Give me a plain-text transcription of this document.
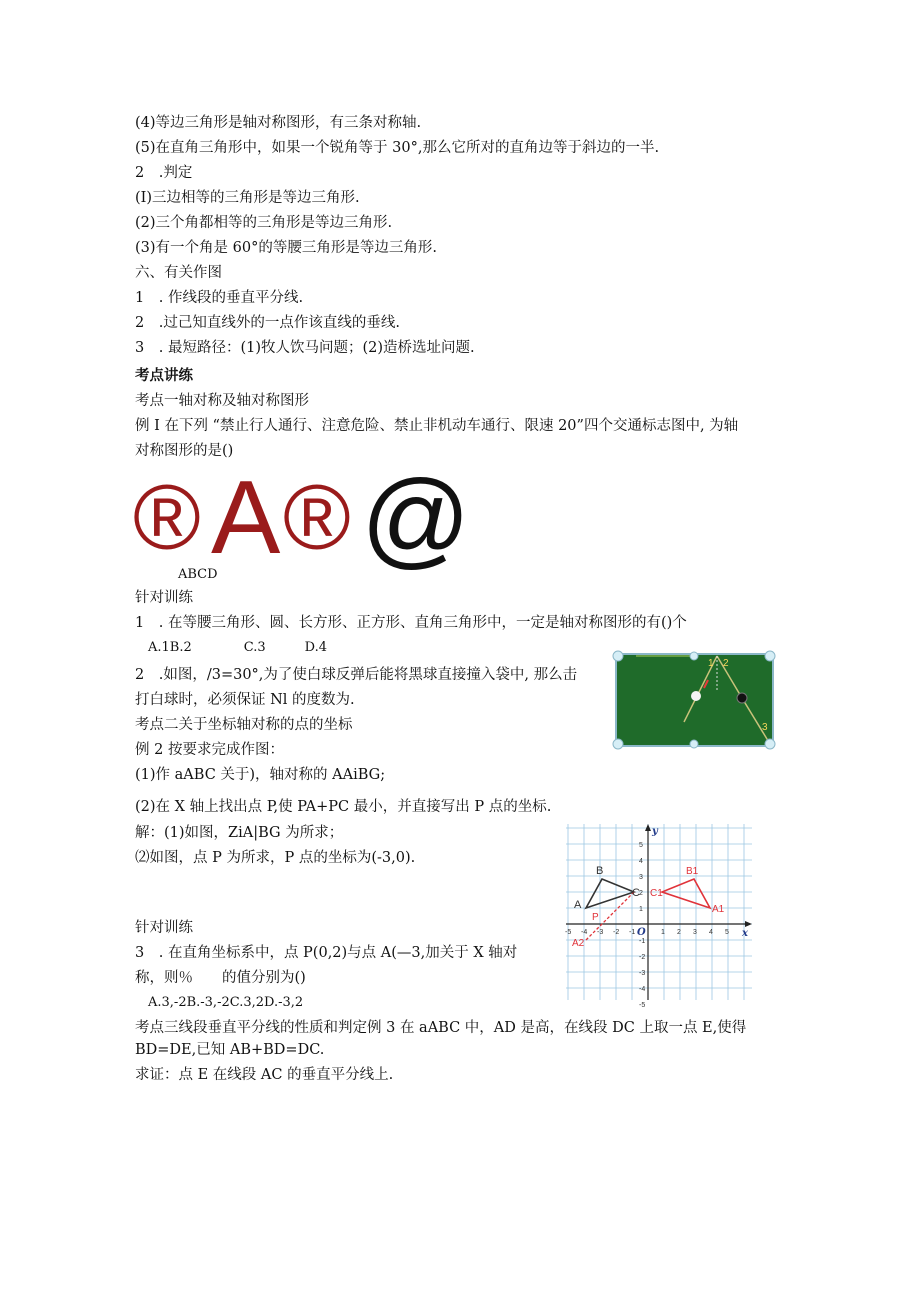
(4)等边三角形是轴对称图形，有三条对称轴.
(5)在直角三角形中，如果一个锐角等于 30°,那么它所对的直角边等于斜边的一半.
2　.判定
(I)三边相等的三角形是等边三角形.
(2)三个角都相等的三角形是等边三角形.
(3)有一个角是 60°的等腰三角形是等边三角形.
六、有关作图
1　. 作线段的垂直平分线.
2　.过己知直线外的一点作该直线的垂线.
3　. 最短路径：(1)牧人饮马问题；(2)造桥选址问题.
考点讲练
考点一轴对称及轴对称图形
例 I 在下列 “禁止行人通行、注意危险、禁止非机动车通行、限速 20”四个交通标志图中, 为轴
对称图形的是()
® A ® @
ABCD
针对训练
1　. 在等腰三角形、圆、长方形、正方形、直角三角形中，一定是轴对称图形的有()个
　A.1B.2　　　　C.3　　　D.4
2　.如图，/3=30°,为了使白球反弹后能将黑球直接撞入袋中, 那么击
打白球时，必须保证 Nl 的度数为.
考点二关于坐标轴对称的点的坐标
例 2 按要求完成作图：
(1)作 aABC 关于)，轴对称的 AAiBG;
(2)在 X 轴上找出点 P,使 PA+PC 最小，并直接写出 P 点的坐标.
解：(1)如图，ZiA|BG 为所求；
⑵如图，点 P 为所求，P 点的坐标为(-3,0).
针对训练
3　. 在直角坐标系中，点 P(0,2)与点 A(—3,加关于 X 轴对
称，则％　　的值分别为()
　A.3,-2B.-3,-2C.3,2D.-3,2
考点三线段垂直平分线的性质和判定例 3 在 aABC 中，AD 是高，在线段 DC 上取一点 E,使得
BD=DE,已知 AB+BD=DC.
求证：点 E 在线段 AC 的垂直平分线上.
1 2
3
x
y
O
-5 -4 -3 -2 -1	1 2 3 4 5
5
4
3
2
1
-1
-2
-3
-4
-5
A
B
C
A1
B1
C1
P
A2
